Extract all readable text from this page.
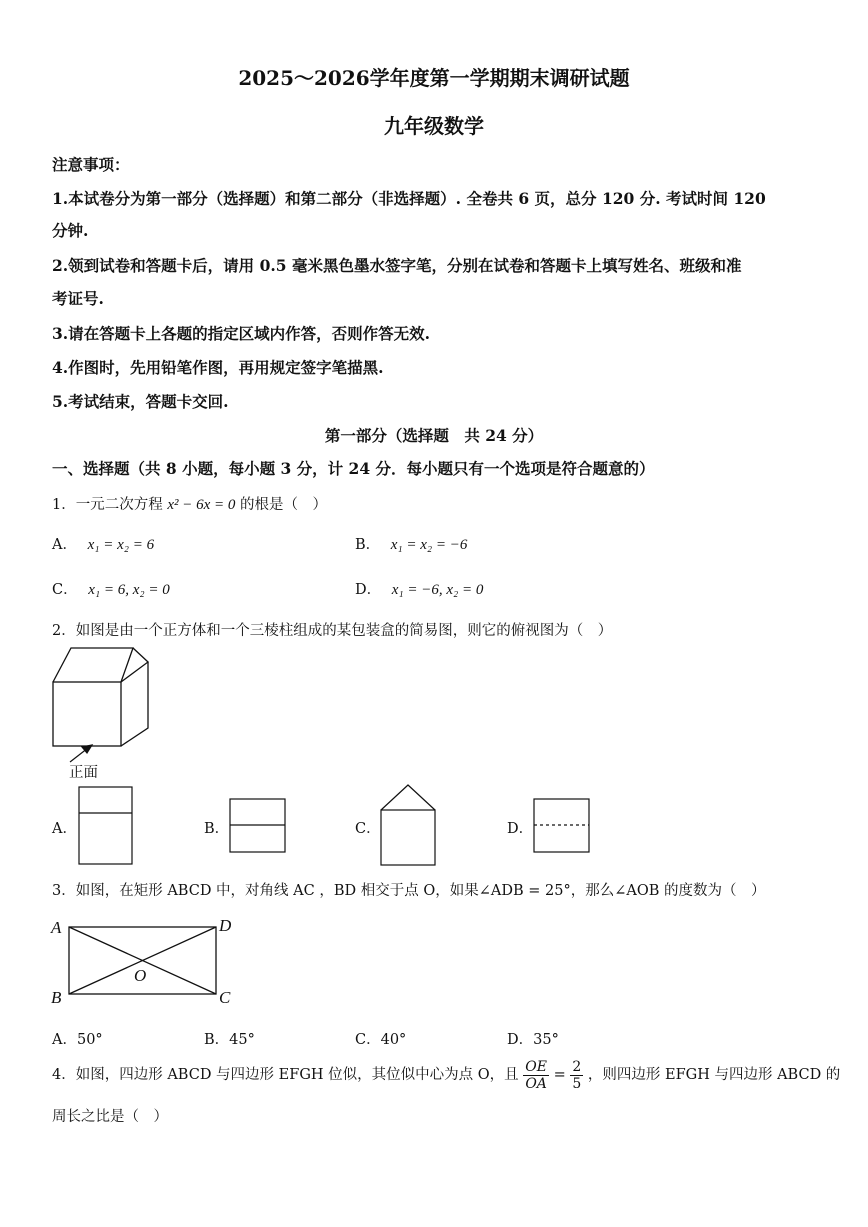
2025～2026学年度第一学期期末调研试题
九年级数学
注意事项：
1.本试卷分为第一部分（选择题）和第二部分（非选择题）. 全卷共 6 页，总分 120 分. 考试时间 120
分钟.
2.领到试卷和答题卡后，请用 0.5 毫米黑色墨水签字笔，分别在试卷和答题卡上填写姓名、班级和准
考证号.
3.请在答题卡上各题的指定区域内作答，否则作答无效.
4.作图时，先用铅笔作图，再用规定签字笔描黑.
5.考试结束，答题卡交回.
第一部分（选择题　共 24 分）
一、选择题（共 8 小题，每小题 3 分，计 24 分．每小题只有一个选项是符合题意的）
1．一元二次方程 x² − 6x = 0 的根是（　）
A． x₁ = x₂ = 6	B． x₁ = x₂ = −6
C． x₁ = 6, x₂ = 0	D． x₁ = −6, x₂ = 0
2．如图是由一个正方体和一个三棱柱组成的某包装盒的简易图，则它的俯视图为（　）
正面
A．	B．	C．	D．
3．如图，在矩形 ABCD 中，对角线 AC ，BD 相交于点 O，如果∠ADB = 25°，那么∠AOB 的度数为（　）
A	D
B	C
O
A．50°	B．45°	C．40°	D．35°
4．如图，四边形 ABCD 与四边形 EFGH 位似，其位似中心为点 O，且 $\frac{OE}{OA} = \frac{2}{5}$ ，则四边形 EFGH 与四边形 ABCD 的
周长之比是（　）
